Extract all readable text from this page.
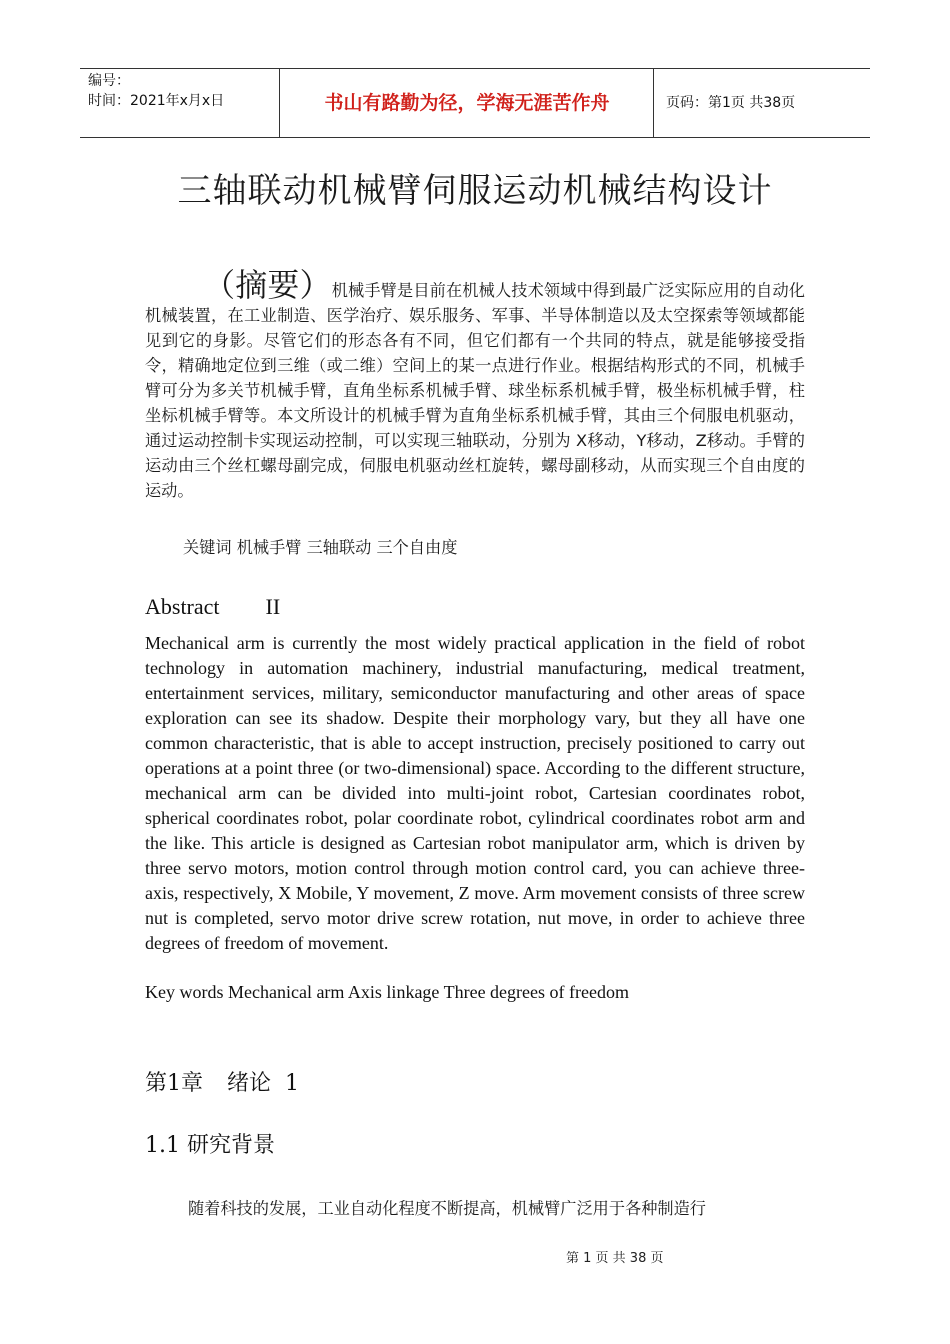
编号：
时间：2021年x月x日	书山有路勤为径，学海无涯苦作舟	页码：第1页 共38页
三轴联动机械臂伺服运动机械结构设计
（摘要）机械手臂是目前在机械人技术领域中得到最广泛实际应用的自动化机械装置，在工业制造、医学治疗、娱乐服务、军事、半导体制造以及太空探索等领域都能见到它的身影。尽管它们的形态各有不同，但它们都有一个共同的特点，就是能够接受指令，精确地定位到三维（或二维）空间上的某一点进行作业。根据结构形式的不同，机械手臂可分为多关节机械手臂，直角坐标系机械手臂、球坐标系机械手臂，极坐标机械手臂，柱坐标机械手臂等。本文所设计的机械手臂为直角坐标系机械手臂，其由三个伺服电机驱动，通过运动控制卡实现运动控制，可以实现三轴联动，分别为 X移动，Y移动，Z移动。手臂的运动由三个丝杠螺母副完成，伺服电机驱动丝杠旋转，螺母副移动，从而实现三个自由度的运动。
关键词 机械手臂 三轴联动 三个自由度
Abstract II
Mechanical arm is currently the most widely practical application in the field of robot technology in automation machinery, industrial manufacturing, medical treatment, entertainment services, military, semiconductor manufacturing and other areas of space exploration can see its shadow. Despite their morphology vary, but they all have one common characteristic, that is able to accept instruction, precisely positioned to carry out operations at a point three (or two-dimensional) space. According to the different structure, mechanical arm can be divided into multi-joint robot, Cartesian coordinates robot, spherical coordinates robot, polar coordinate robot, cylindrical coordinates robot arm and the like. This article is designed as Cartesian robot manipulator arm, which is driven by three servo motors, motion control through motion control card, you can achieve three-axis, respectively, X Mobile, Y movement, Z move. Arm movement consists of three screw nut is completed, servo motor drive screw rotation, nut move, in order to achieve three degrees of freedom of movement.
Key words Mechanical arm Axis linkage Three degrees of freedom
第1章 绪论 1
1.1 研究背景
随着科技的发展，工业自动化程度不断提高，机械臂广泛用于各种制造行
第 1 页 共 38 页
